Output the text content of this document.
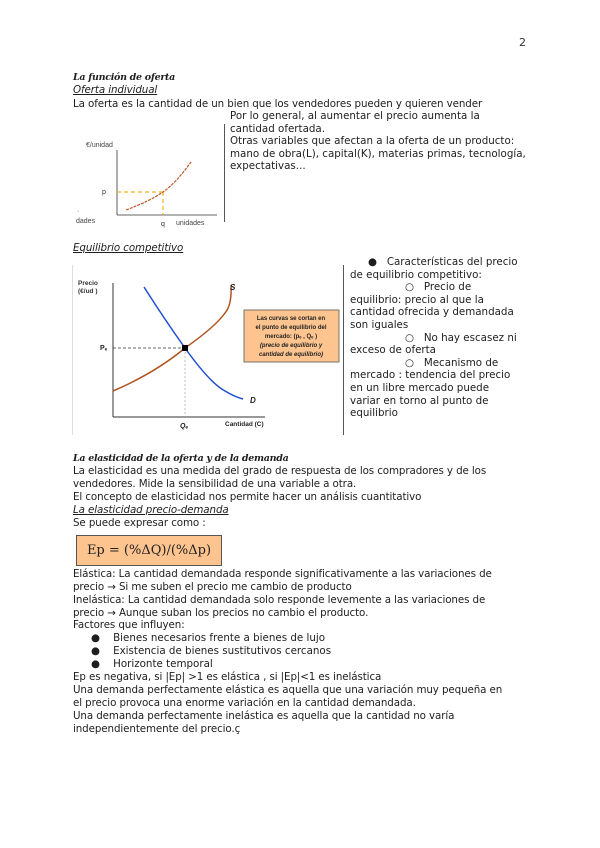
2
La función de oferta
Oferta individual
La oferta es la cantidad de un bien que los vendedores pueden y quieren vender
Por lo general, al aumentar el precio aumenta la
cantidad ofertada.
Otras variables que afectan a la oferta de un producto:
mano de obra(L), capital(K), materias primas, tecnología,
expectativas...
€/unidad
p
q unidades
·
dades
Equilibrio competitivo
Precio
(€/ud )	S
D
Pₑ
Qₑ	Cantidad (C)
Las curvas se cortan en
el punto de equilibrio del
mercado: (pₑ , Qₑ )
(precio de equilibrio y
cantidad de equilibrio)
●   Características del precio
de equilibrio competitivo:
○   Precio de
equilibrio: precio al que la
cantidad ofrecida y demandada
son iguales
○   No hay escasez ni
exceso de oferta
○   Mecanismo de
mercado : tendencia del precio
en un libre mercado puede
variar en torno al punto de
equilibrio
La elasticidad de la oferta y de la demanda
La elasticidad es una medida del grado de respuesta de los compradores y de los
vendedores. Mide la sensibilidad de una variable a otra.
El concepto de elasticidad nos permite hacer un análisis cuantitativo
La elasticidad precio-demanda
Se puede expresar como :
Ep = (%ΔQ)/(%Δp)
Elástica: La cantidad demandada responde significativamente a las variaciones de
precio → Si me suben el precio me cambio de producto
Inelástica: La cantidad demandada solo responde levemente a las variaciones de
precio → Aunque suban los precios no cambio el producto.
Factores que influyen:
●    Bienes necesarios frente a bienes de lujo
●    Existencia de bienes sustitutivos cercanos
●    Horizonte temporal
Ep es negativa, si |Ep| >1 es elástica , si |Ep|<1 es inelástica
Una demanda perfectamente elástica es aquella que una variación muy pequeña en
el precio provoca una enorme variación en la cantidad demandada.
Una demanda perfectamente inelástica es aquella que la cantidad no varía
independientemente del precio.ç
